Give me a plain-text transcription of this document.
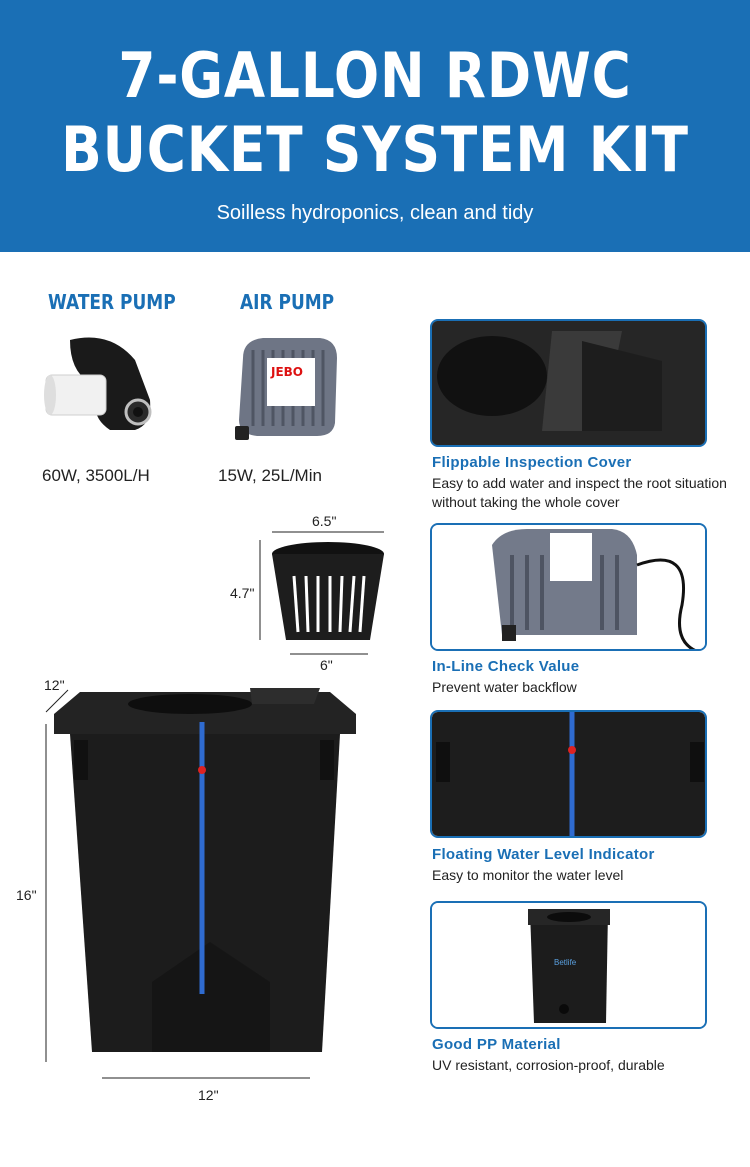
7-GALLON RDWC
BUCKET SYSTEM KIT
Soilless hydroponics, clean and tidy
WATER PUMP
60W, 3500L/H
AIR PUMP
JEBO
15W, 25L/Min
6.5"
4.7"
6"
12"
16"
12"
Flippable Inspection Cover
Easy to add water and inspect the root situation without taking the whole cover
In-Line Check Value
Prevent water backflow
Floating Water Level Indicator
Easy to monitor the water level
Betlife
Good PP Material
UV resistant, corrosion-proof, durable
